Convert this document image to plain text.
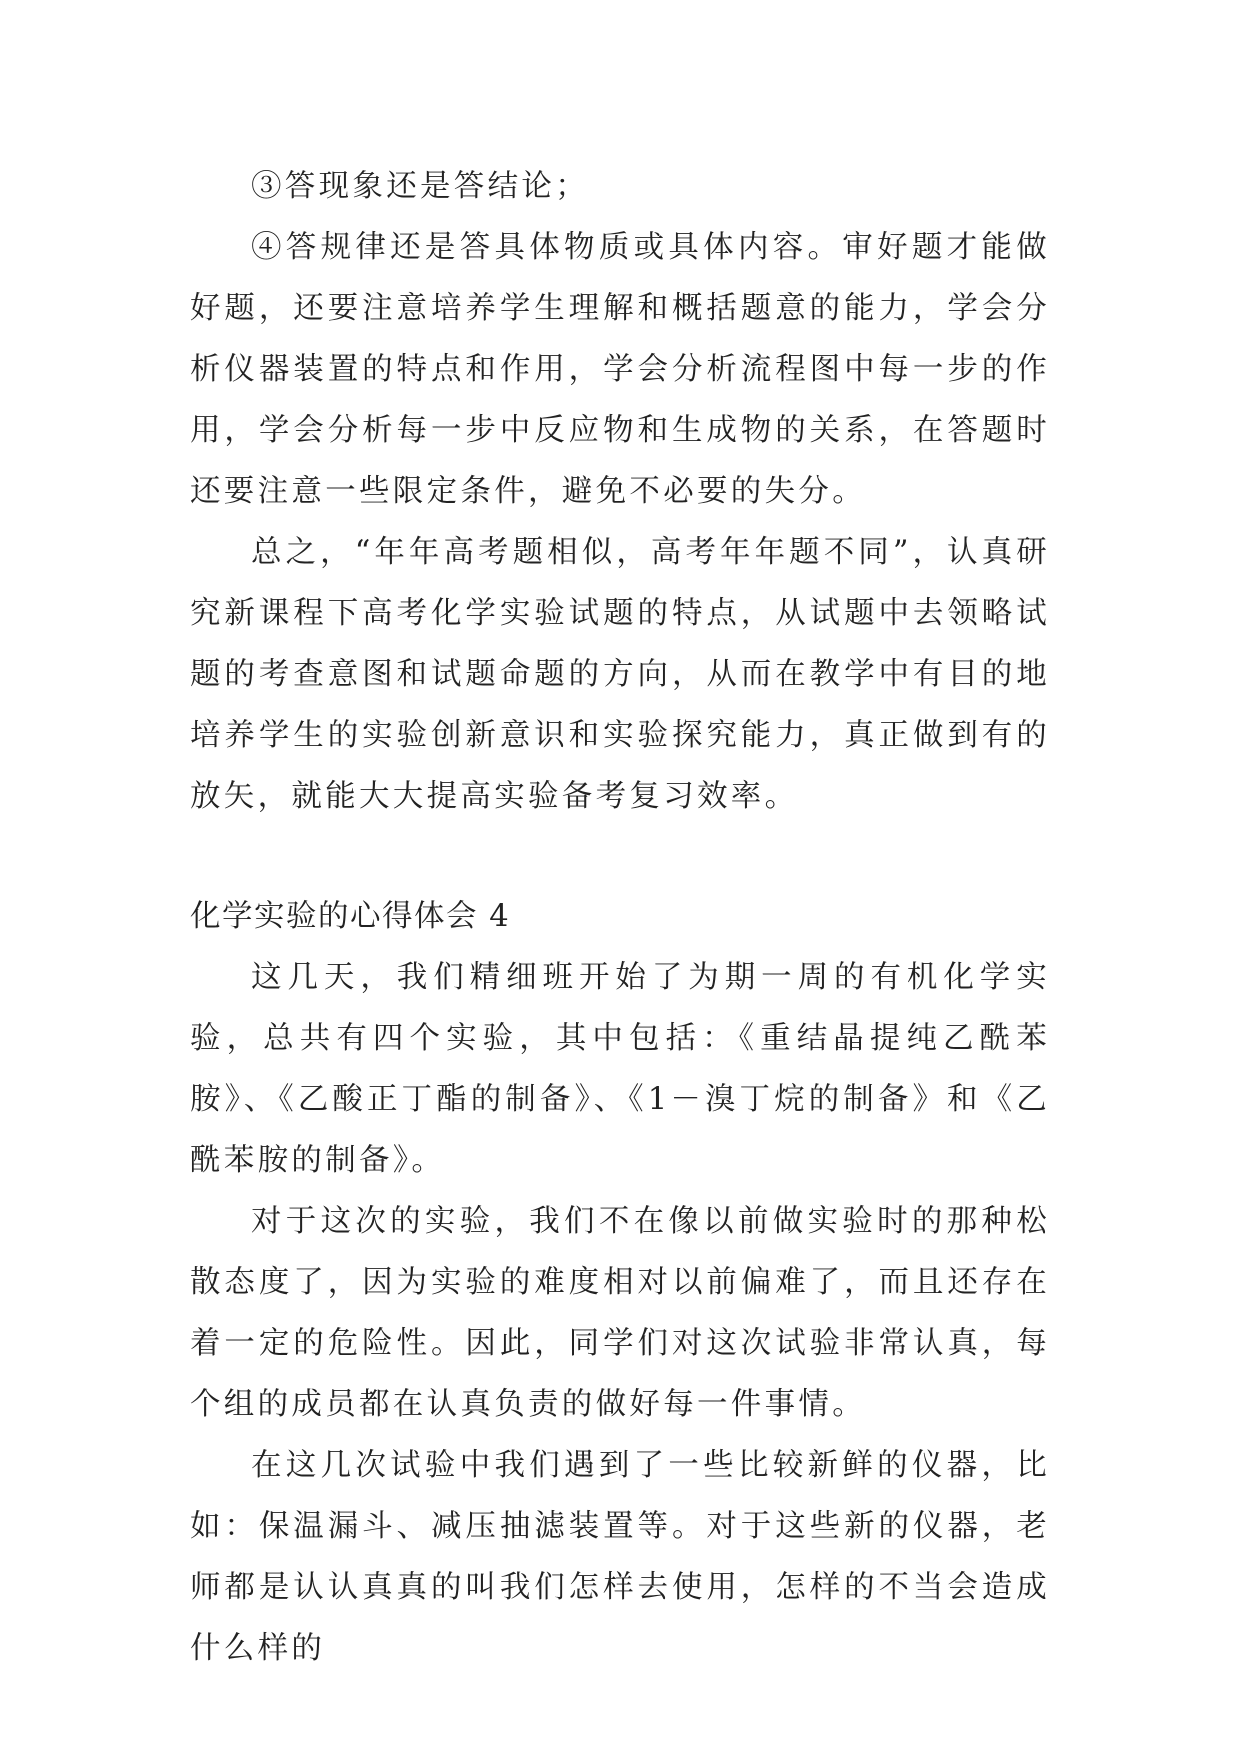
③答现象还是答结论；

④答规律还是答具体物质或具体内容。审好题才能做好题，还要注意培养学生理解和概括题意的能力，学会分析仪器装置的特点和作用，学会分析流程图中每一步的作用，学会分析每一步中反应物和生成物的关系，在答题时还要注意一些限定条件，避免不必要的失分。

总之，“年年高考题相似，高考年年题不同”，认真研究新课程下高考化学实验试题的特点，从试题中去领略试题的考查意图和试题命题的方向，从而在教学中有目的地培养学生的实验创新意识和实验探究能力，真正做到有的放矢，就能大大提高实验备考复习效率。

化学实验的心得体会 4

这几天，我们精细班开始了为期一周的有机化学实验，总共有四个实验，其中包括：《重结晶提纯乙酰苯胺》、《乙酸正丁酯的制备》、《1－溴丁烷的制备》和《乙酰苯胺的制备》。

对于这次的实验，我们不在像以前做实验时的那种松散态度了，因为实验的难度相对以前偏难了，而且还存在着一定的危险性。因此，同学们对这次试验非常认真，每个组的成员都在认真负责的做好每一件事情。

在这几次试验中我们遇到了一些比较新鲜的仪器，比如：保温漏斗、减压抽滤装置等。对于这些新的仪器，老师都是认认真真的叫我们怎样去使用，怎样的不当会造成什么样的
